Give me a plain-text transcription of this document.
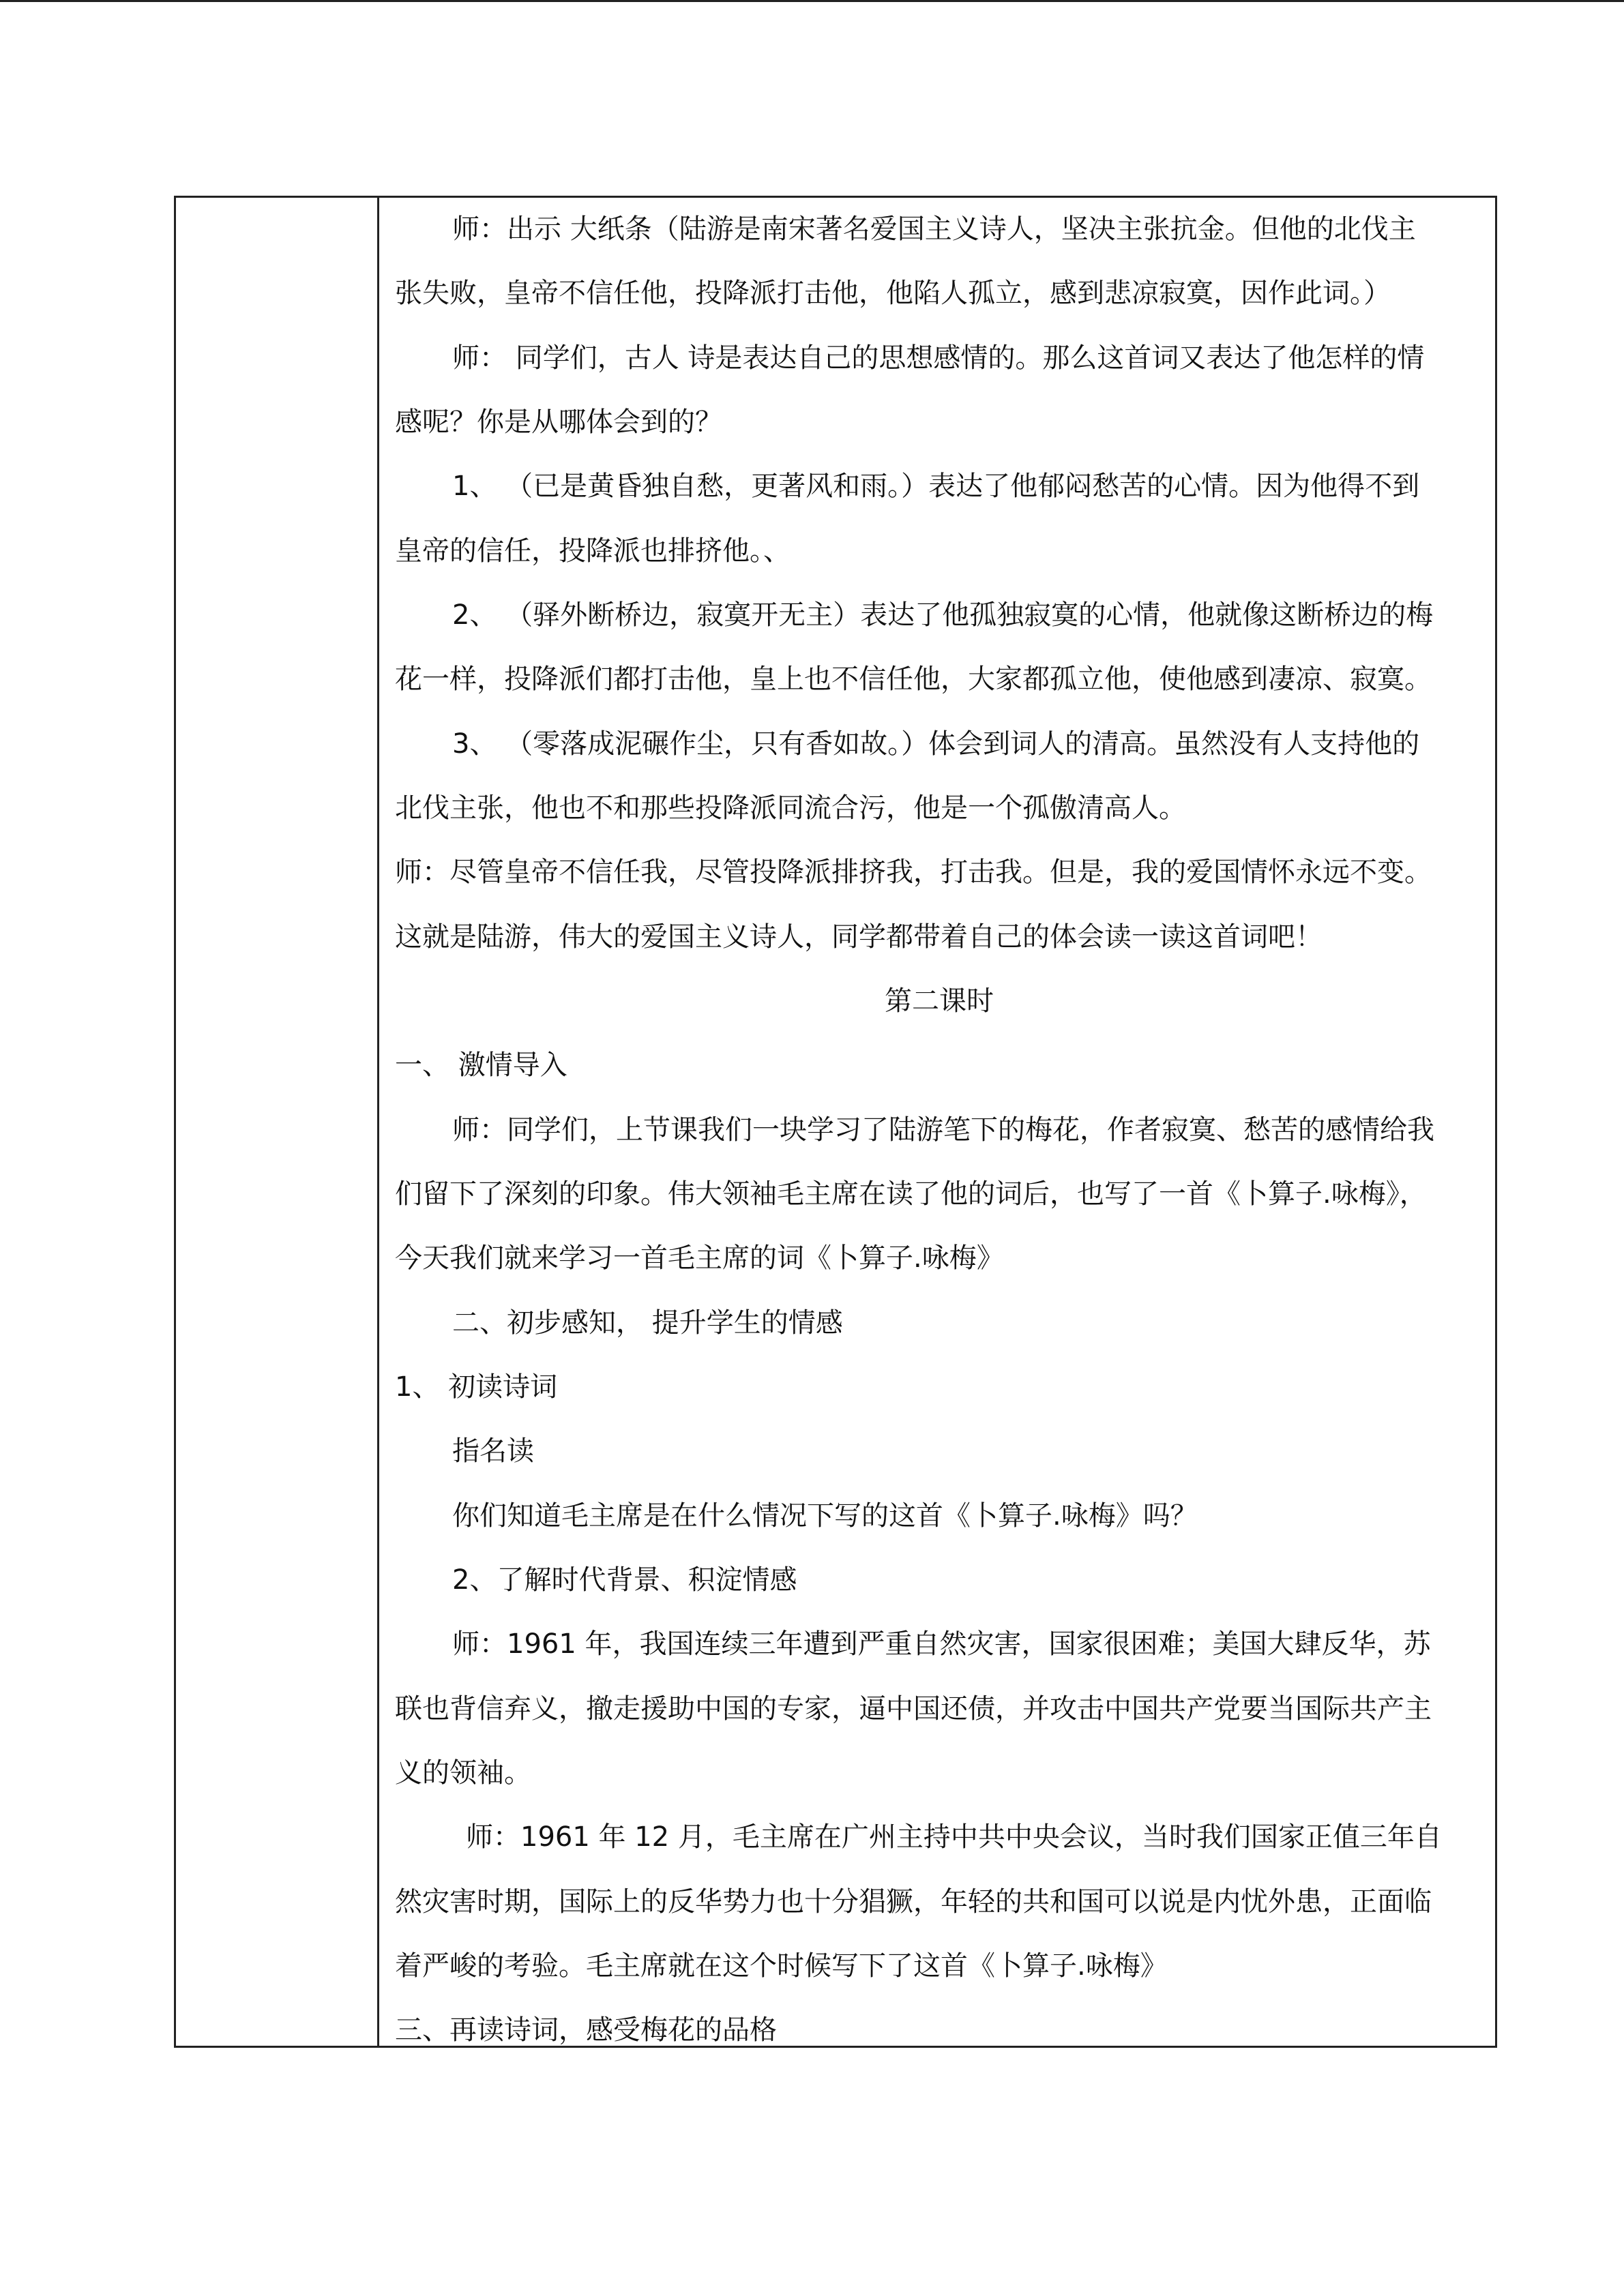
师：出示 大纸条（陆游是南宋著名爱国主义诗人，坚决主张抗金。但他的北伐主
张失败，皇帝不信任他，投降派打击他，他陷人孤立，感到悲凉寂寞，因作此词。）
师： 同学们，古人 诗是表达自己的思想感情的。那么这首词又表达了他怎样的情
感呢？你是从哪体会到的？
1、 （已是黄昏独自愁，更著风和雨。）表达了他郁闷愁苦的心情。因为他得不到
皇帝的信任，投降派也排挤他。、
2、 （驿外断桥边，寂寞开无主）表达了他孤独寂寞的心情，他就像这断桥边的梅
花一样，投降派们都打击他，皇上也不信任他，大家都孤立他，使他感到凄凉、寂寞。
3、 （零落成泥碾作尘，只有香如故。）体会到词人的清高。虽然没有人支持他的
北伐主张，他也不和那些投降派同流合污，他是一个孤傲清高人。
师：尽管皇帝不信任我，尽管投降派排挤我，打击我。但是，我的爱国情怀永远不变。
这就是陆游，伟大的爱国主义诗人，同学都带着自己的体会读一读这首词吧！
第二课时
一、 激情导入
师：同学们，上节课我们一块学习了陆游笔下的梅花，作者寂寞、愁苦的感情给我
们留下了深刻的印象。伟大领袖毛主席在读了他的词后，也写了一首《卜算子.咏梅》，
今天我们就来学习一首毛主席的词《卜算子.咏梅》
二、初步感知， 提升学生的情感
1、 初读诗词
指名读
你们知道毛主席是在什么情况下写的这首《卜算子.咏梅》吗？
2、了解时代背景、积淀情感
师：1961 年，我国连续三年遭到严重自然灾害，国家很困难；美国大肆反华，苏
联也背信弃义，撤走援助中国的专家，逼中国还债，并攻击中国共产党要当国际共产主
义的领袖。
师：1961 年 12 月，毛主席在广州主持中共中央会议，当时我们国家正值三年自
然灾害时期，国际上的反华势力也十分猖獗，年轻的共和国可以说是内忧外患，正面临
着严峻的考验。毛主席就在这个时候写下了这首《卜算子.咏梅》
三、再读诗词，感受梅花的品格
